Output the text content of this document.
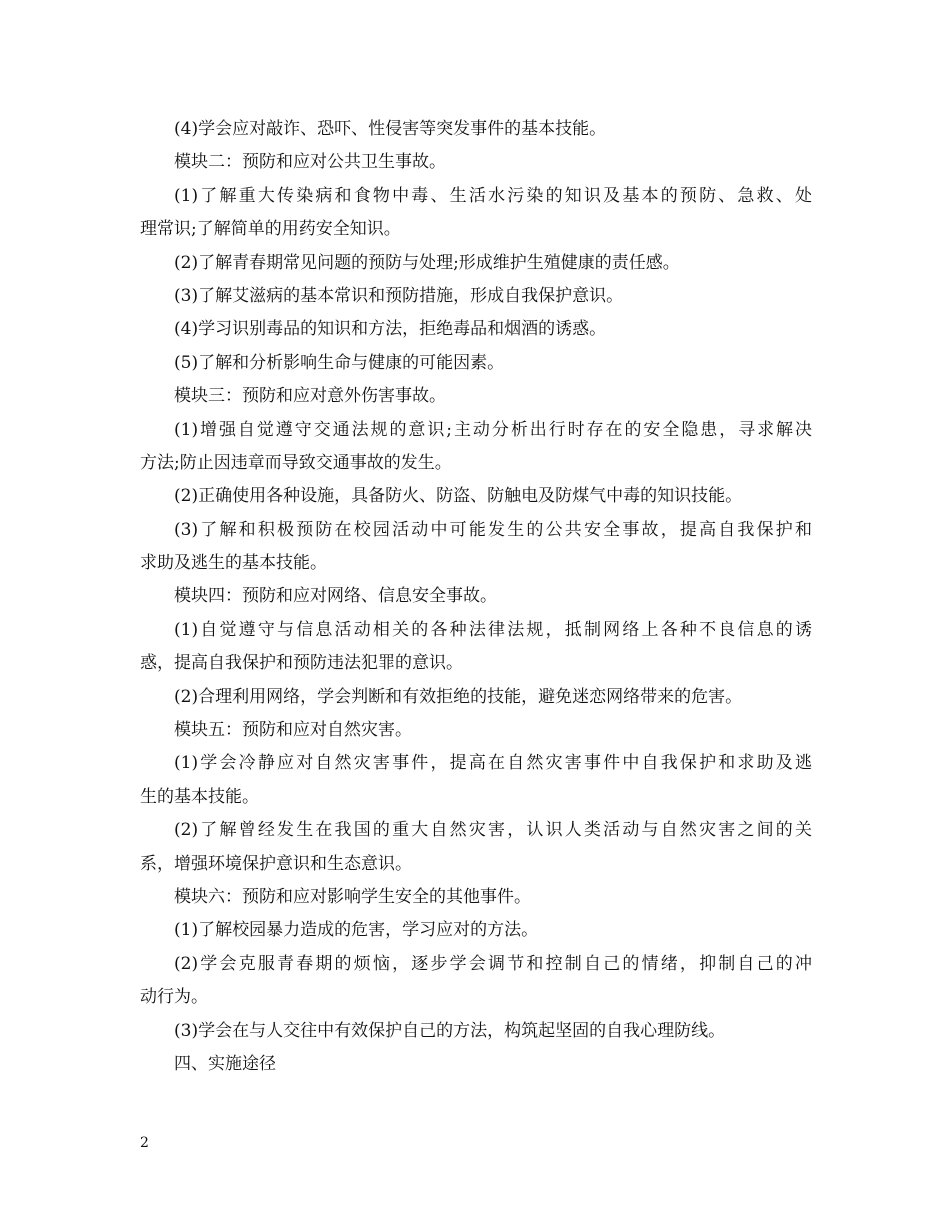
(4)学会应对敲诈、恐吓、性侵害等突发事件的基本技能。
模块二：预防和应对公共卫生事故。
(1)了解重大传染病和食物中毒、生活水污染的知识及基本的预防、急救、处
理常识;了解简单的用药安全知识。
(2)了解青春期常见问题的预防与处理;形成维护生殖健康的责任感。
(3)了解艾滋病的基本常识和预防措施，形成自我保护意识。
(4)学习识别毒品的知识和方法，拒绝毒品和烟酒的诱惑。
(5)了解和分析影响生命与健康的可能因素。
模块三：预防和应对意外伤害事故。
(1)增强自觉遵守交通法规的意识;主动分析出行时存在的安全隐患，寻求解决
方法;防止因违章而导致交通事故的发生。
(2)正确使用各种设施，具备防火、防盗、防触电及防煤气中毒的知识技能。
(3)了解和积极预防在校园活动中可能发生的公共安全事故，提高自我保护和
求助及逃生的基本技能。
模块四：预防和应对网络、信息安全事故。
(1)自觉遵守与信息活动相关的各种法律法规，抵制网络上各种不良信息的诱
惑，提高自我保护和预防违法犯罪的意识。
(2)合理利用网络，学会判断和有效拒绝的技能，避免迷恋网络带来的危害。
模块五：预防和应对自然灾害。
(1)学会冷静应对自然灾害事件，提高在自然灾害事件中自我保护和求助及逃
生的基本技能。
(2)了解曾经发生在我国的重大自然灾害，认识人类活动与自然灾害之间的关
系，增强环境保护意识和生态意识。
模块六：预防和应对影响学生安全的其他事件。
(1)了解校园暴力造成的危害，学习应对的方法。
(2)学会克服青春期的烦恼，逐步学会调节和控制自己的情绪，抑制自己的冲
动行为。
(3)学会在与人交往中有效保护自己的方法，构筑起坚固的自我心理防线。
四、实施途径
2
